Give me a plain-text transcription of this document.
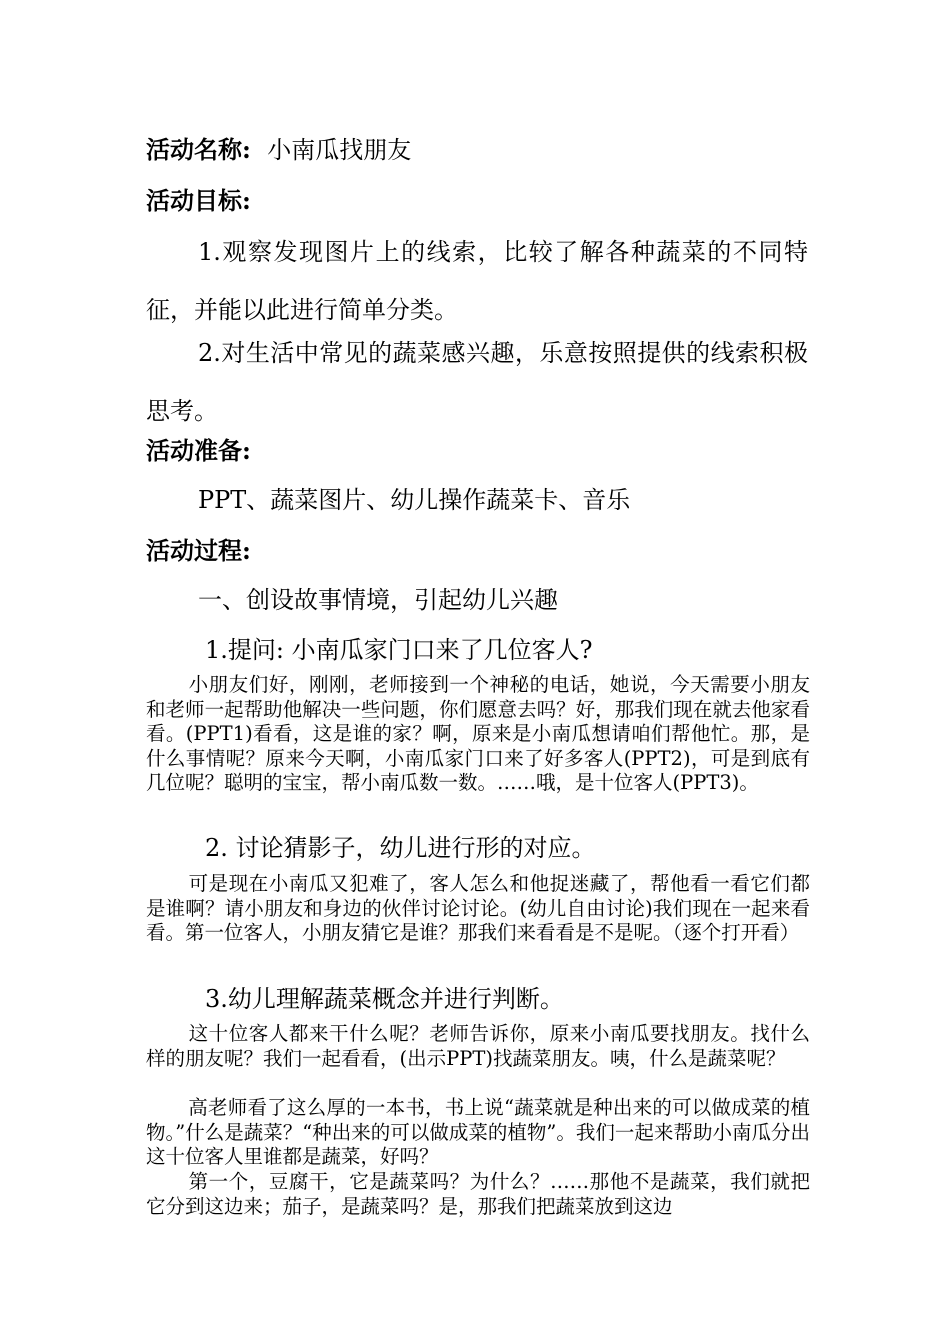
活动名称: 小南瓜找朋友
活动目标:
1.观察发现图片上的线索，比较了解各种蔬菜的不同特征，并能以此进行简单分类。
2.对生活中常见的蔬菜感兴趣，乐意按照提供的线索积极思考。
活动准备:
PPT、蔬菜图片、幼儿操作蔬菜卡、音乐
活动过程:
一、创设故事情境，引起幼儿兴趣
1.提问: 小南瓜家门口来了几位客人?
小朋友们好，刚刚，老师接到一个神秘的电话，她说，今天需要小朋友和老师一起帮助他解决一些问题，你们愿意去吗？好，那我们现在就去他家看看。(PPT1)看看，这是谁的家？啊，原来是小南瓜想请咱们帮他忙。那，是什么事情呢？原来今天啊，小南瓜家门口来了好多客人(PPT2)，可是到底有几位呢？聪明的宝宝，帮小南瓜数一数。……哦，是十位客人(PPT3)。
2. 讨论猜影子，幼儿进行形的对应。
可是现在小南瓜又犯难了，客人怎么和他捉迷藏了，帮他看一看它们都是谁啊？请小朋友和身边的伙伴讨论讨论。(幼儿自由讨论)我们现在一起来看看。第一位客人，小朋友猜它是谁？那我们来看看是不是呢。（逐个打开看）
3.幼儿理解蔬菜概念并进行判断。
这十位客人都来干什么呢？老师告诉你，原来小南瓜要找朋友。找什么样的朋友呢？我们一起看看，(出示PPT)找蔬菜朋友。咦，什么是蔬菜呢？
高老师看了这么厚的一本书，书上说“蔬菜就是种出来的可以做成菜的植物。”什么是蔬菜？“种出来的可以做成菜的植物”。我们一起来帮助小南瓜分出这十位客人里谁都是蔬菜，好吗？
第一个，豆腐干，它是蔬菜吗？为什么？……那他不是蔬菜，我们就把它分到这边来；茄子，是蔬菜吗？是，那我们把蔬菜放到这边
